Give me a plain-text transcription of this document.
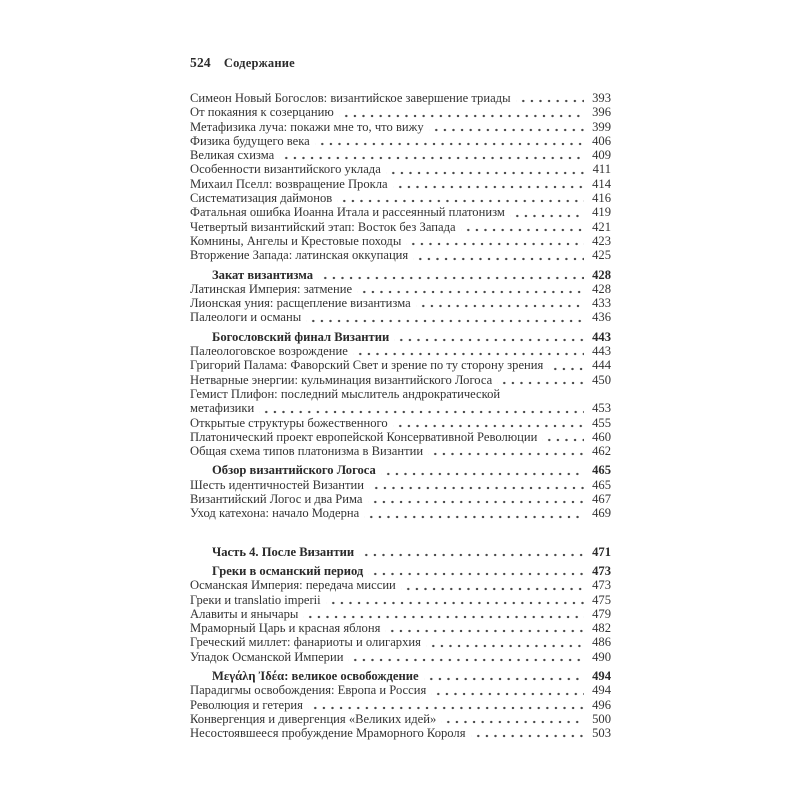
524 Содержание
Симеон Новый Богослов: византийское завершение триады	393
От покаяния к созерцанию	396
Метафизика луча: покажи мне то, что вижу	399
Физика будущего века	406
Великая схизма	409
Особенности византийского уклада	411
Михаил Пселл: возвращение Прокла	414
Систематизация даймонов	416
Фатальная ошибка Иоанна Итала и рассеянный платонизм	419
Четвертый византийский этап: Восток без Запада	421
Комнины, Ангелы и Крестовые походы	423
Вторжение Запада: латинская оккупация	425
Закат византизма	428
Латинская Империя: затмение	428
Лионская уния: расщепление византизма	433
Палеологи и османы	436
Богословский финал Византии	443
Палеологовское возрождение	443
Григорий Палама: Фаворский Свет и зрение по ту сторону зрения	444
Нетварные энергии: кульминация византийского Логоса	450
Гемист Плифон: последний мыслитель андрократической
метафизики	453
Открытые структуры божественного	455
Платонический проект европейской Консервативной Революции	460
Общая схема типов платонизма в Византии	462
Обзор византийского Логоса	465
Шесть идентичностей Византии	465
Византийский Логос и два Рима	467
Уход катехона: начало Модерна	469
Часть 4. После Византии	471
Греки в османский период	473
Османская Империя: передача миссии	473
Греки и translatio imperii	475
Алавиты и янычары	479
Мраморный Царь и красная яблоня	482
Греческий миллет: фанариоты и олигархия	486
Упадок Османской Империи	490
Μεγάλη Ἰδέα: великое освобождение	494
Парадигмы освобождения: Европа и Россия	494
Революция и гетерия	496
Конвергенция и дивергенция «Великих идей»	500
Несостоявшееся пробуждение Мраморного Короля	503
